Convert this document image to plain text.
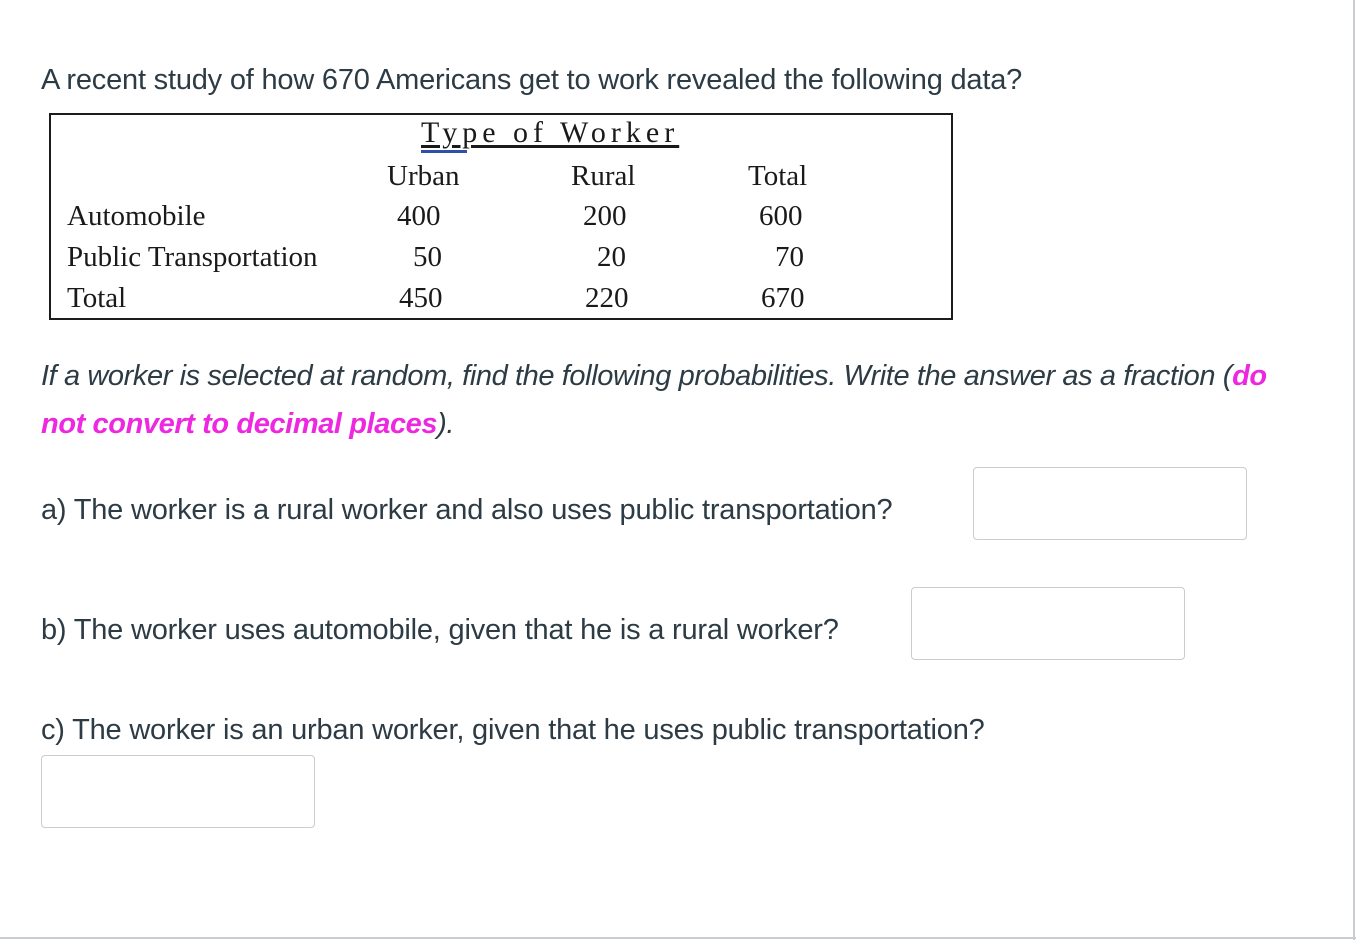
A recent study of how 670 Americans get to work revealed the following data?
Type of Worker
Urban	Rural	Total
Automobile	400	200	600
Public Transportation	50	20	70
Total	450	220	670
If a worker is selected at random, find the following probabilities. Write the answer as a fraction (do not convert to decimal places).
a) The worker is a rural worker and also uses public transportation?
b) The worker uses automobile, given that he is a rural worker?
c) The worker is an urban worker, given that he uses public transportation?
